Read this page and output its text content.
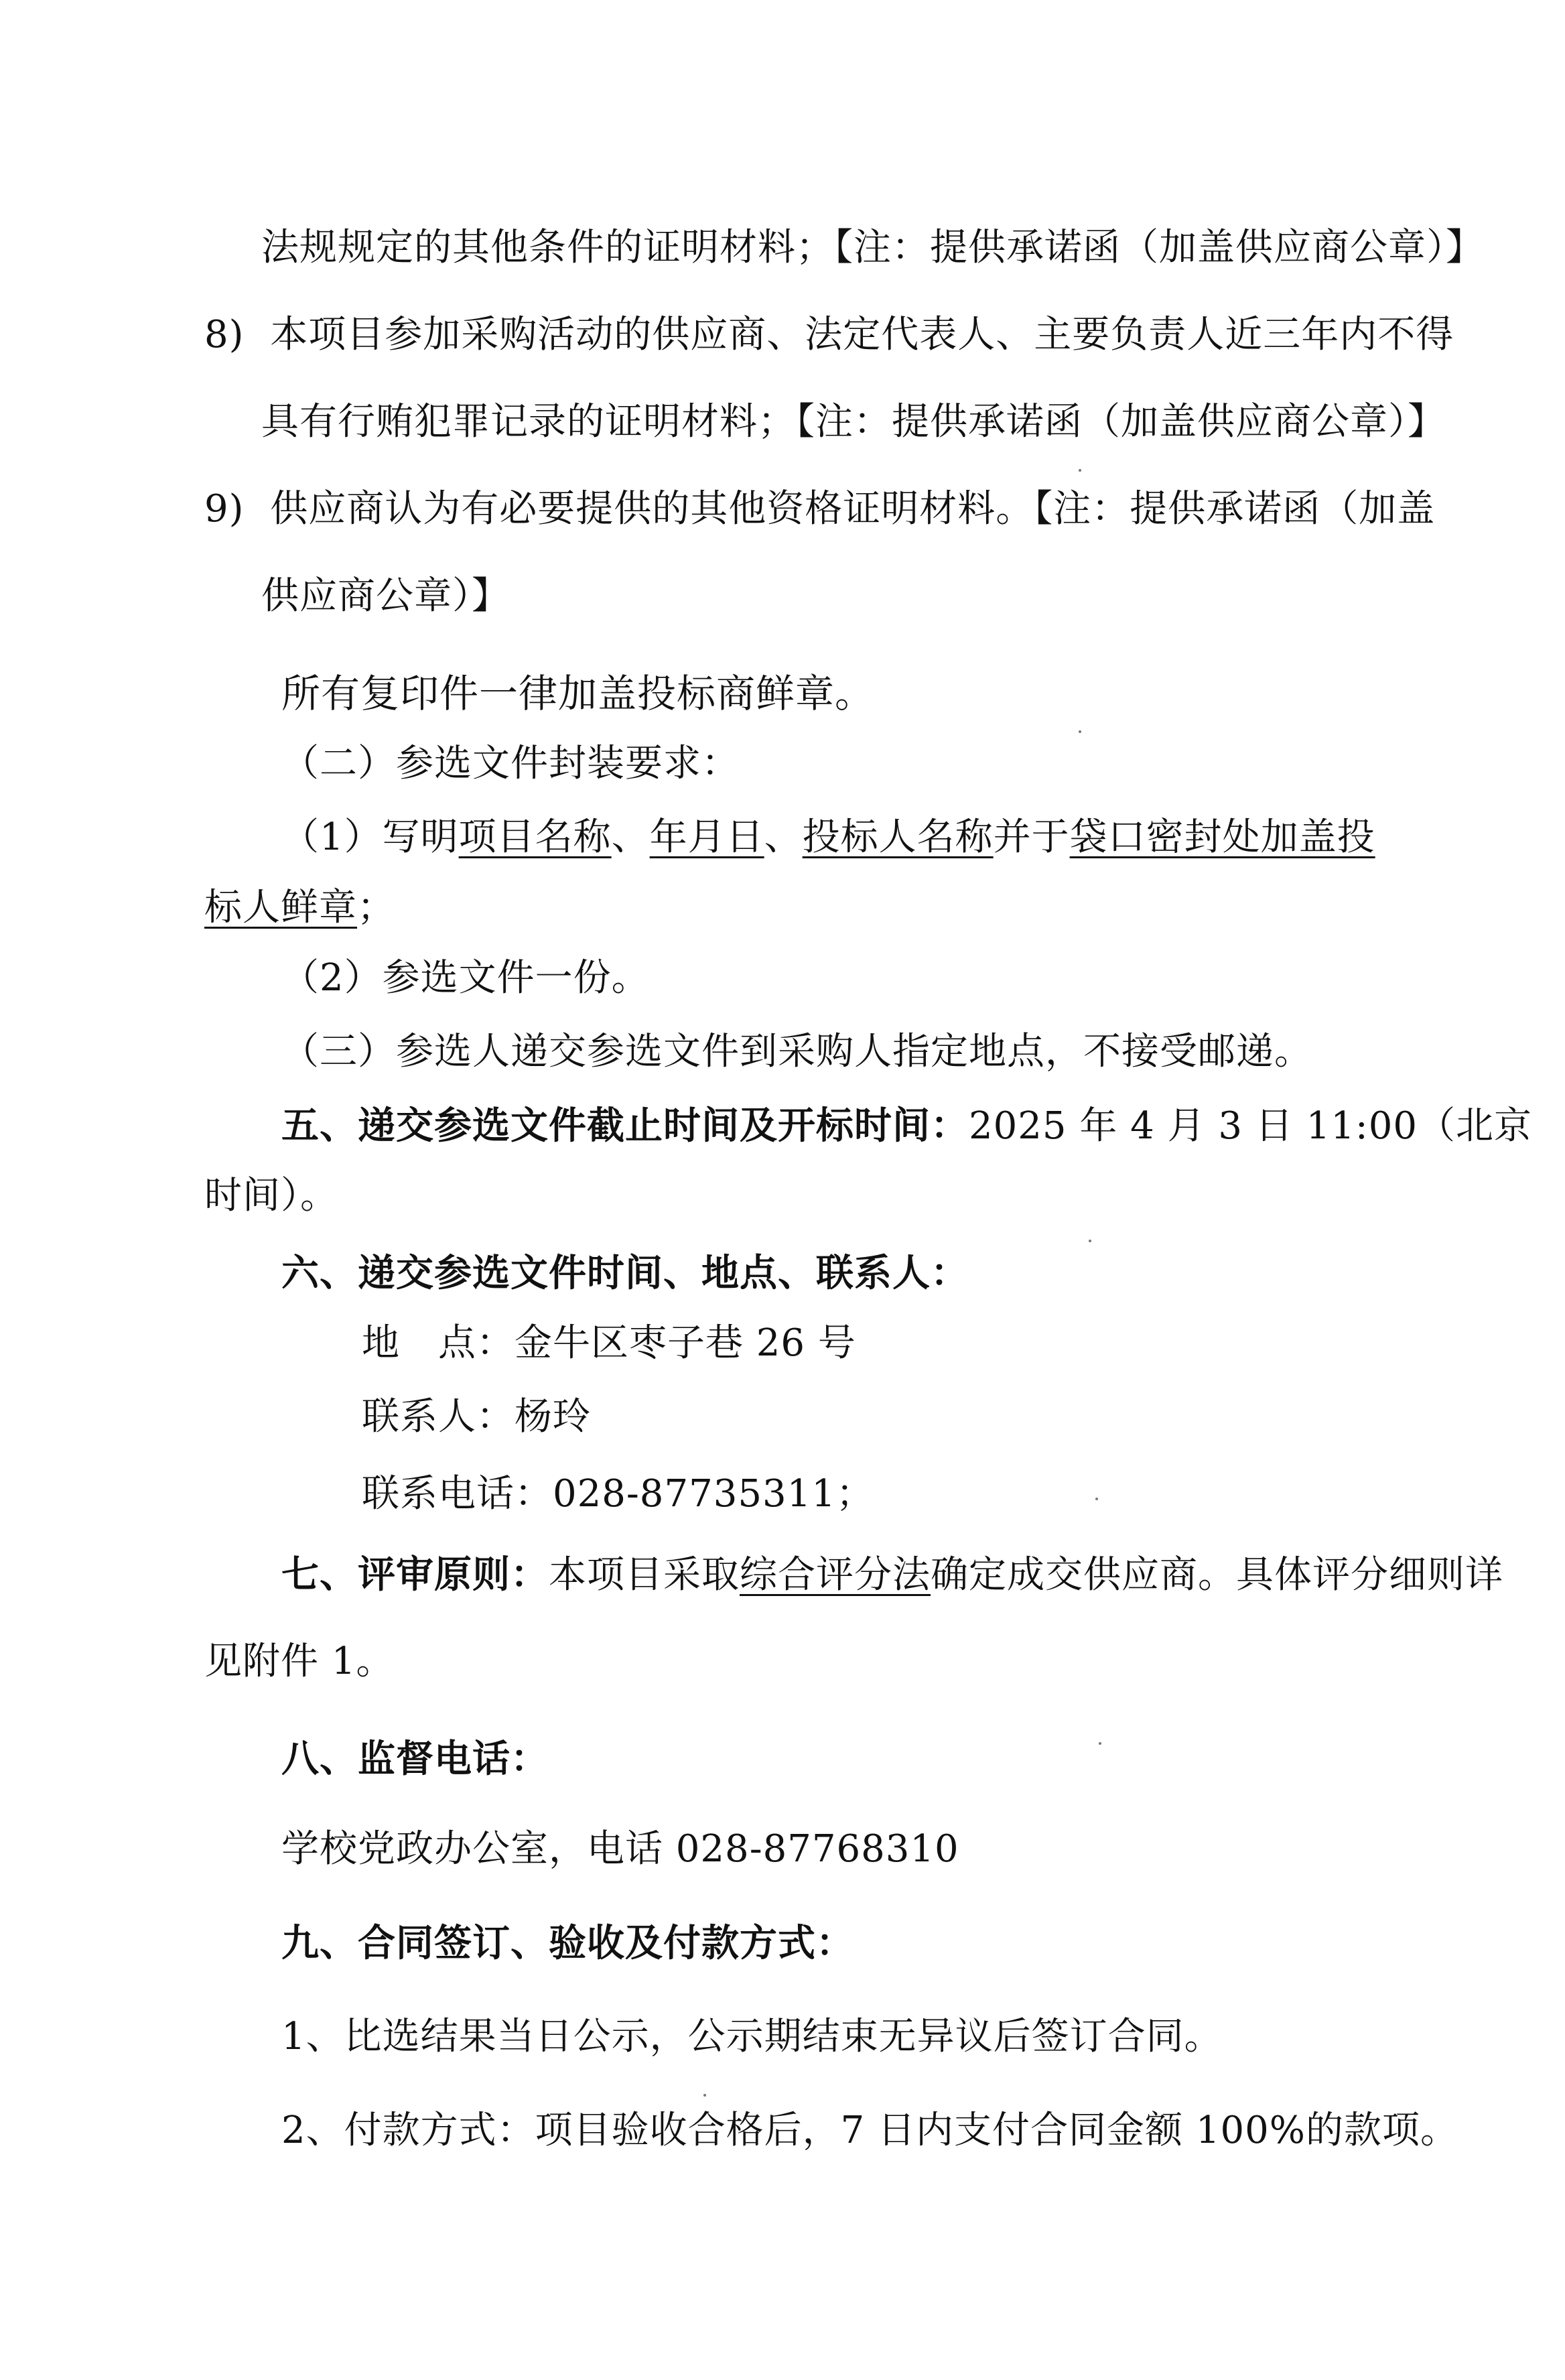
法规规定的其他条件的证明材料；【注：提供承诺函（加盖供应商公章）】
8) 本项目参加采购活动的供应商、法定代表人、主要负责人近三年内不得
具有行贿犯罪记录的证明材料；【注：提供承诺函（加盖供应商公章）】
9) 供应商认为有必要提供的其他资格证明材料。【注：提供承诺函（加盖
供应商公章）】
所有复印件一律加盖投标商鲜章。
（二）参选文件封装要求：
（1）写明项目名称、年月日、投标人名称并于袋口密封处加盖投
标人鲜章；
（2）参选文件一份。
（三）参选人递交参选文件到采购人指定地点，不接受邮递。
五、递交参选文件截止时间及开标时间：2025 年 4 月 3 日 11:00（北京
时间）。
六、递交参选文件时间、地点、联系人：
地　点：金牛区枣子巷 26 号
联系人：杨玲
联系电话：028-87735311；
七、评审原则：本项目采取综合评分法确定成交供应商。具体评分细则详
见附件 1。
八、监督电话：
学校党政办公室，电话 028-87768310
九、合同签订、验收及付款方式：
1、比选结果当日公示，公示期结束无异议后签订合同。
2、付款方式：项目验收合格后，7 日内支付合同金额 100%的款项。
